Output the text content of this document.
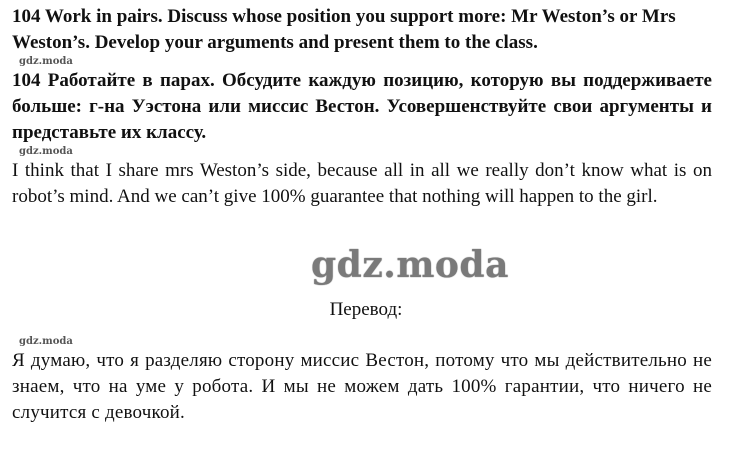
104 Work in pairs. Discuss whose position you support more: Mr Weston’s or Mrs Weston’s. Develop your arguments and present them to the class.

gdz.moda

104 Работайте в парах. Обсудите каждую позицию, которую вы поддерживаете больше: г-на Уэстона или миссис Вестон. Усовершенствуйте свои аргументы и представьте их классу.

gdz.moda

I think that I share mrs Weston’s side, because all in all we really don’t know what is on robot’s mind. And we can’t give 100% guarantee that nothing will happen to the girl.

gdz.moda
Перевод:

gdz.moda

Я думаю, что я разделяю сторону миссис Вестон, потому что мы действительно не знаем, что на уме у робота. И мы не можем дать 100% гарантии, что ничего не случится с девочкой.
